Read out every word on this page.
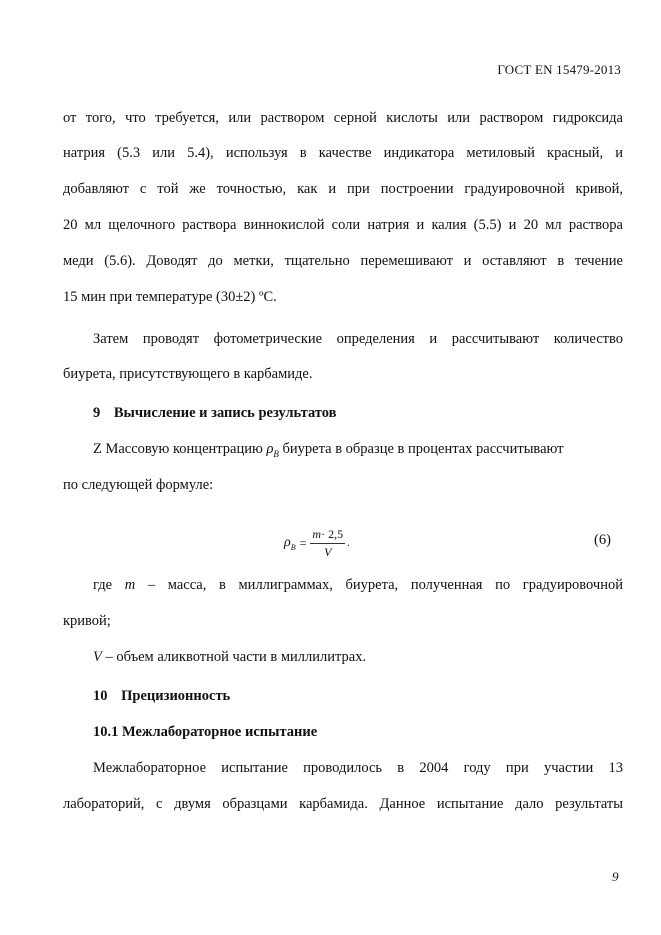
ГОСТ EN 15479-2013
от того, что требуется, или раствором серной кислоты или раствором гидроксида
натрия (5.3 или 5.4), используя в качестве индикатора метиловый красный, и
добавляют с той же точностью, как и при построении градуировочной кривой,
20 мл щелочного раствора виннокислой соли натрия и калия (5.5) и 20 мл раствора
меди (5.6). Доводят до метки, тщательно перемешивают и оставляют в течение
15 мин при температуре (30±2) ºС.
Затем проводят фотометрические определения и рассчитывают количество
биурета, присутствующего в карбамиде.
9 Вычисление и запись результатов
Z Массовую концентрацию $\rho_B$ биурета в образце в процентах рассчитывают
по следующей формуле:
$\rho_B = \frac{m\cdot 2,5}{V}$ .	(6)
где m – масса, в миллиграммах, биурета, полученная по градуировочной
кривой;
V – объем аликвотной части в миллилитрах.
10 Прецизионность
10.1 Межлабораторное испытание
Межлабораторное испытание проводилось в 2004 году при участии 13
лабораторий, с двумя образцами карбамида. Данное испытание дало результаты
9
